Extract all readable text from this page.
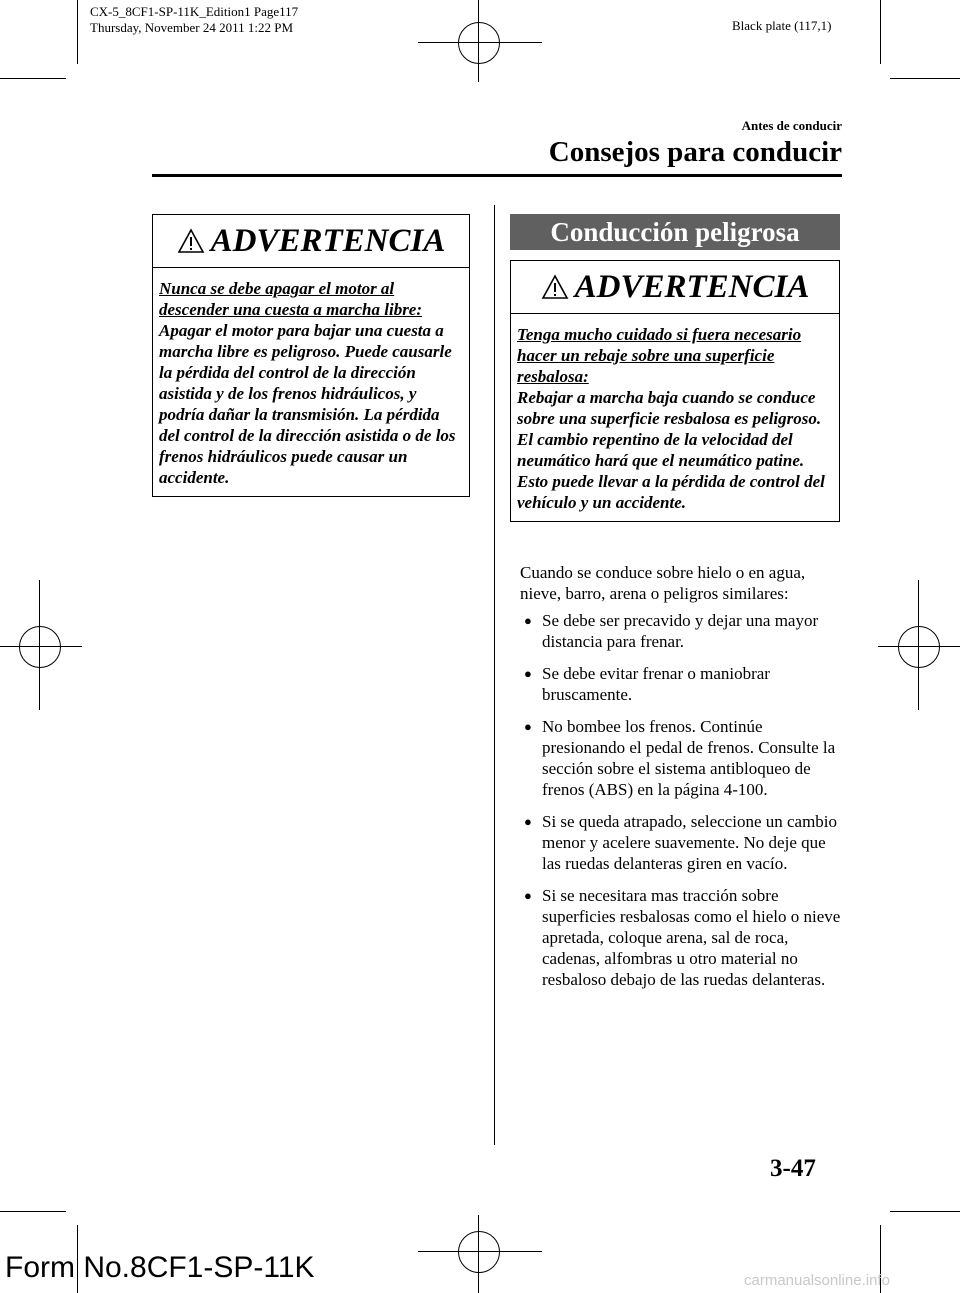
CX-5_8CF1-SP-11K_Edition1 Page117
Thursday, November 24 2011 1:22 PM	Black plate (117,1)
Antes de conducir
Consejos para conducir
ADVERTENCIA
Nunca se debe apagar el motor al descender una cuesta a marcha libre:
Apagar el motor para bajar una cuesta a marcha libre es peligroso. Puede causarle la pérdida del control de la dirección asistida y de los frenos hidráulicos, y podría dañar la transmisión. La pérdida del control de la dirección asistida o de los frenos hidráulicos puede causar un accidente.
Conducción peligrosa
ADVERTENCIA
Tenga mucho cuidado si fuera necesario hacer un rebaje sobre una superficie resbalosa:
Rebajar a marcha baja cuando se conduce sobre una superficie resbalosa es peligroso. El cambio repentino de la velocidad del neumático hará que el neumático patine. Esto puede llevar a la pérdida de control del vehículo y un accidente.
Cuando se conduce sobre hielo o en agua, nieve, barro, arena o peligros similares:
● Se debe ser precavido y dejar una mayor distancia para frenar.
● Se debe evitar frenar o maniobrar bruscamente.
● No bombee los frenos. Continúe presionando el pedal de frenos. Consulte la sección sobre el sistema antibloqueo de frenos (ABS) en la página 4-100.
● Si se queda atrapado, seleccione un cambio menor y acelere suavemente. No deje que las ruedas delanteras giren en vacío.
● Si se necesitara mas tracción sobre superficies resbalosas como el hielo o nieve apretada, coloque arena, sal de roca, cadenas, alfombras u otro material no resbaloso debajo de las ruedas delanteras.
3-47
Form No.8CF1-SP-11K	carmanualsonline.info
